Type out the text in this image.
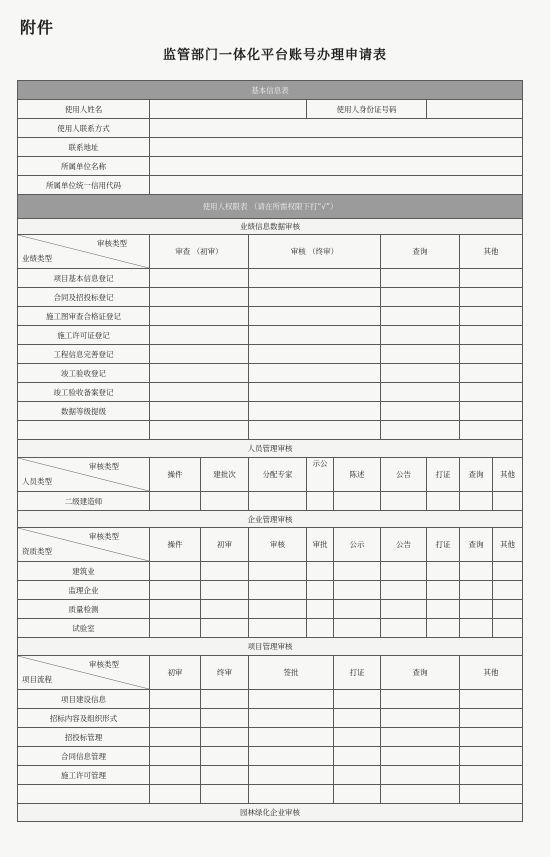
附件
监管部门一体化平台账号办理申请表
基本信息表									
使用人姓名				使用人身份证号码					
使用人联系方式									
联系地址									
所属单位名称									
所属单位统一信用代码									
使用人权限表 （请在所需权限下打“√”）									
业绩信息数据审核									

审核类型
业绩类型	审查 （初审）		审核 （终审）			查询		其他	
项目基本信息登记									
合同及招投标登记									
施工图审查合格证登记									
施工许可证登记									
工程信息完善登记									
竣工验收登记									
竣工验收备案登记									
数据等级提级									

人员管理审核									

审核类型
人员类型	操件	建批次	分配专家	示公	陈述	公告	打证	查询	其他
二级建造师									
企业管理审核									

审核类型
资质类型	操件	初审	审核	审批	公示	公告	打证	查询	其他
建筑业									
监理企业									
质量检测									
试验室									
项目管理审核									

审核类型
项目流程	初审	终审	签批		打证	查询		其他	
项目建设信息									
招标内容及组织形式									
招投标管理									
合同信息管理									
施工许可管理									

园林绿化企业审核									
